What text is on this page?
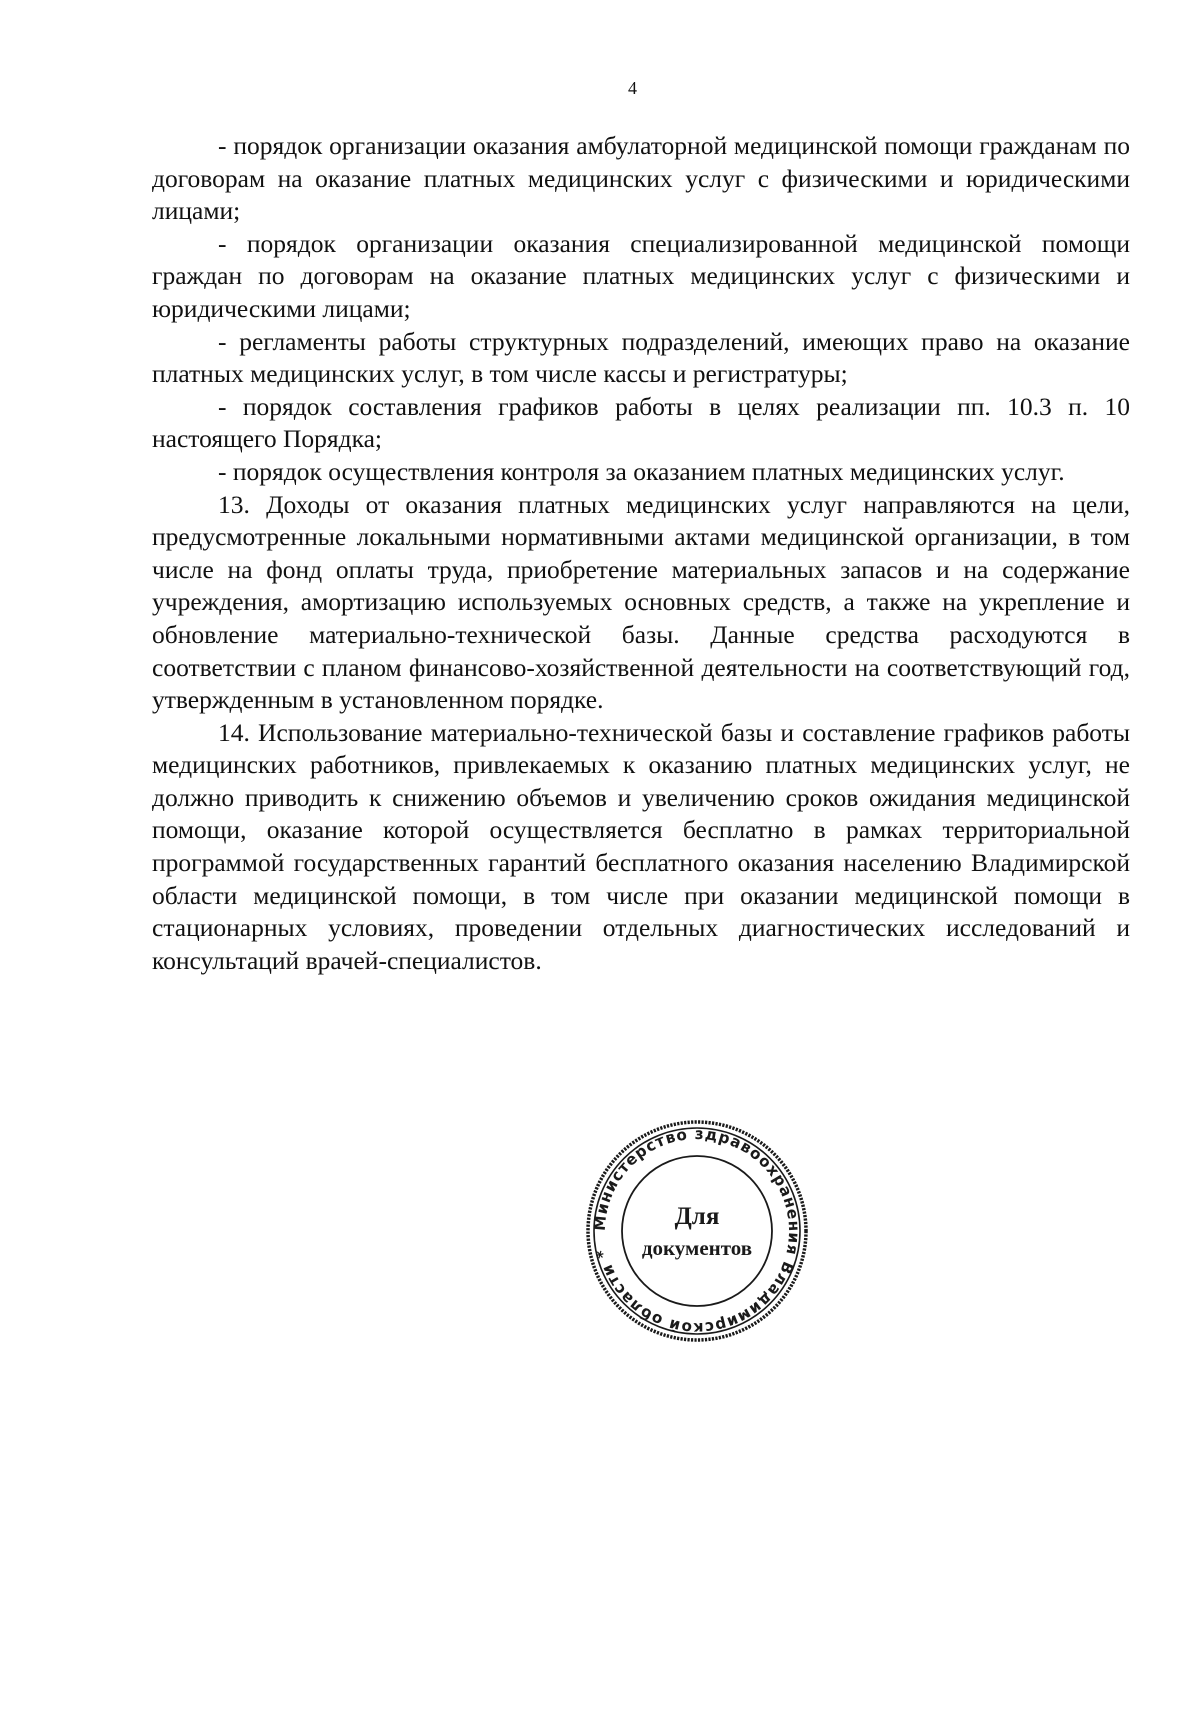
4

- порядок организации оказания амбулаторной медицинской помощи гражданам по договорам на оказание платных медицинских услуг с физическими и юридическими лицами;

- порядок организации оказания специализированной медицинской помощи граждан по договорам на оказание платных медицинских услуг с физическими и юридическими лицами;

- регламенты работы структурных подразделений, имеющих право на оказание платных медицинских услуг, в том числе кассы и регистратуры;

- порядок составления графиков работы в целях реализации пп. 10.3 п. 10 настоящего Порядка;

- порядок осуществления контроля за оказанием платных медицинских услуг.

13. Доходы от оказания платных медицинских услуг направляются на цели, предусмотренные локальными нормативными актами медицинской организации, в том числе на фонд оплаты труда, приобретение материальных запасов и на содержание учреждения, амортизацию используемых основных средств, а также на укрепление и обновление материально-технической базы. Данные средства расходуются в соответствии с планом финансово-хозяйственной деятельности на соответствующий год, утвержденным в установленном порядке.

14. Использование материально-технической базы и составление графиков работы медицинских работников, привлекаемых к оказанию платных медицинских услуг, не должно приводить к снижению объемов и увеличению сроков ожидания медицинской помощи, оказание которой осуществляется бесплатно в рамках территориальной программой государственных гарантий бесплатного оказания населению Владимирской области медицинской помощи, в том числе при оказании медицинской помощи в стационарных условиях, проведении отдельных диагностических исследований и консультаций врачей-специалистов.

Министерство здравоохранения Владимирской области *
Для
документов
